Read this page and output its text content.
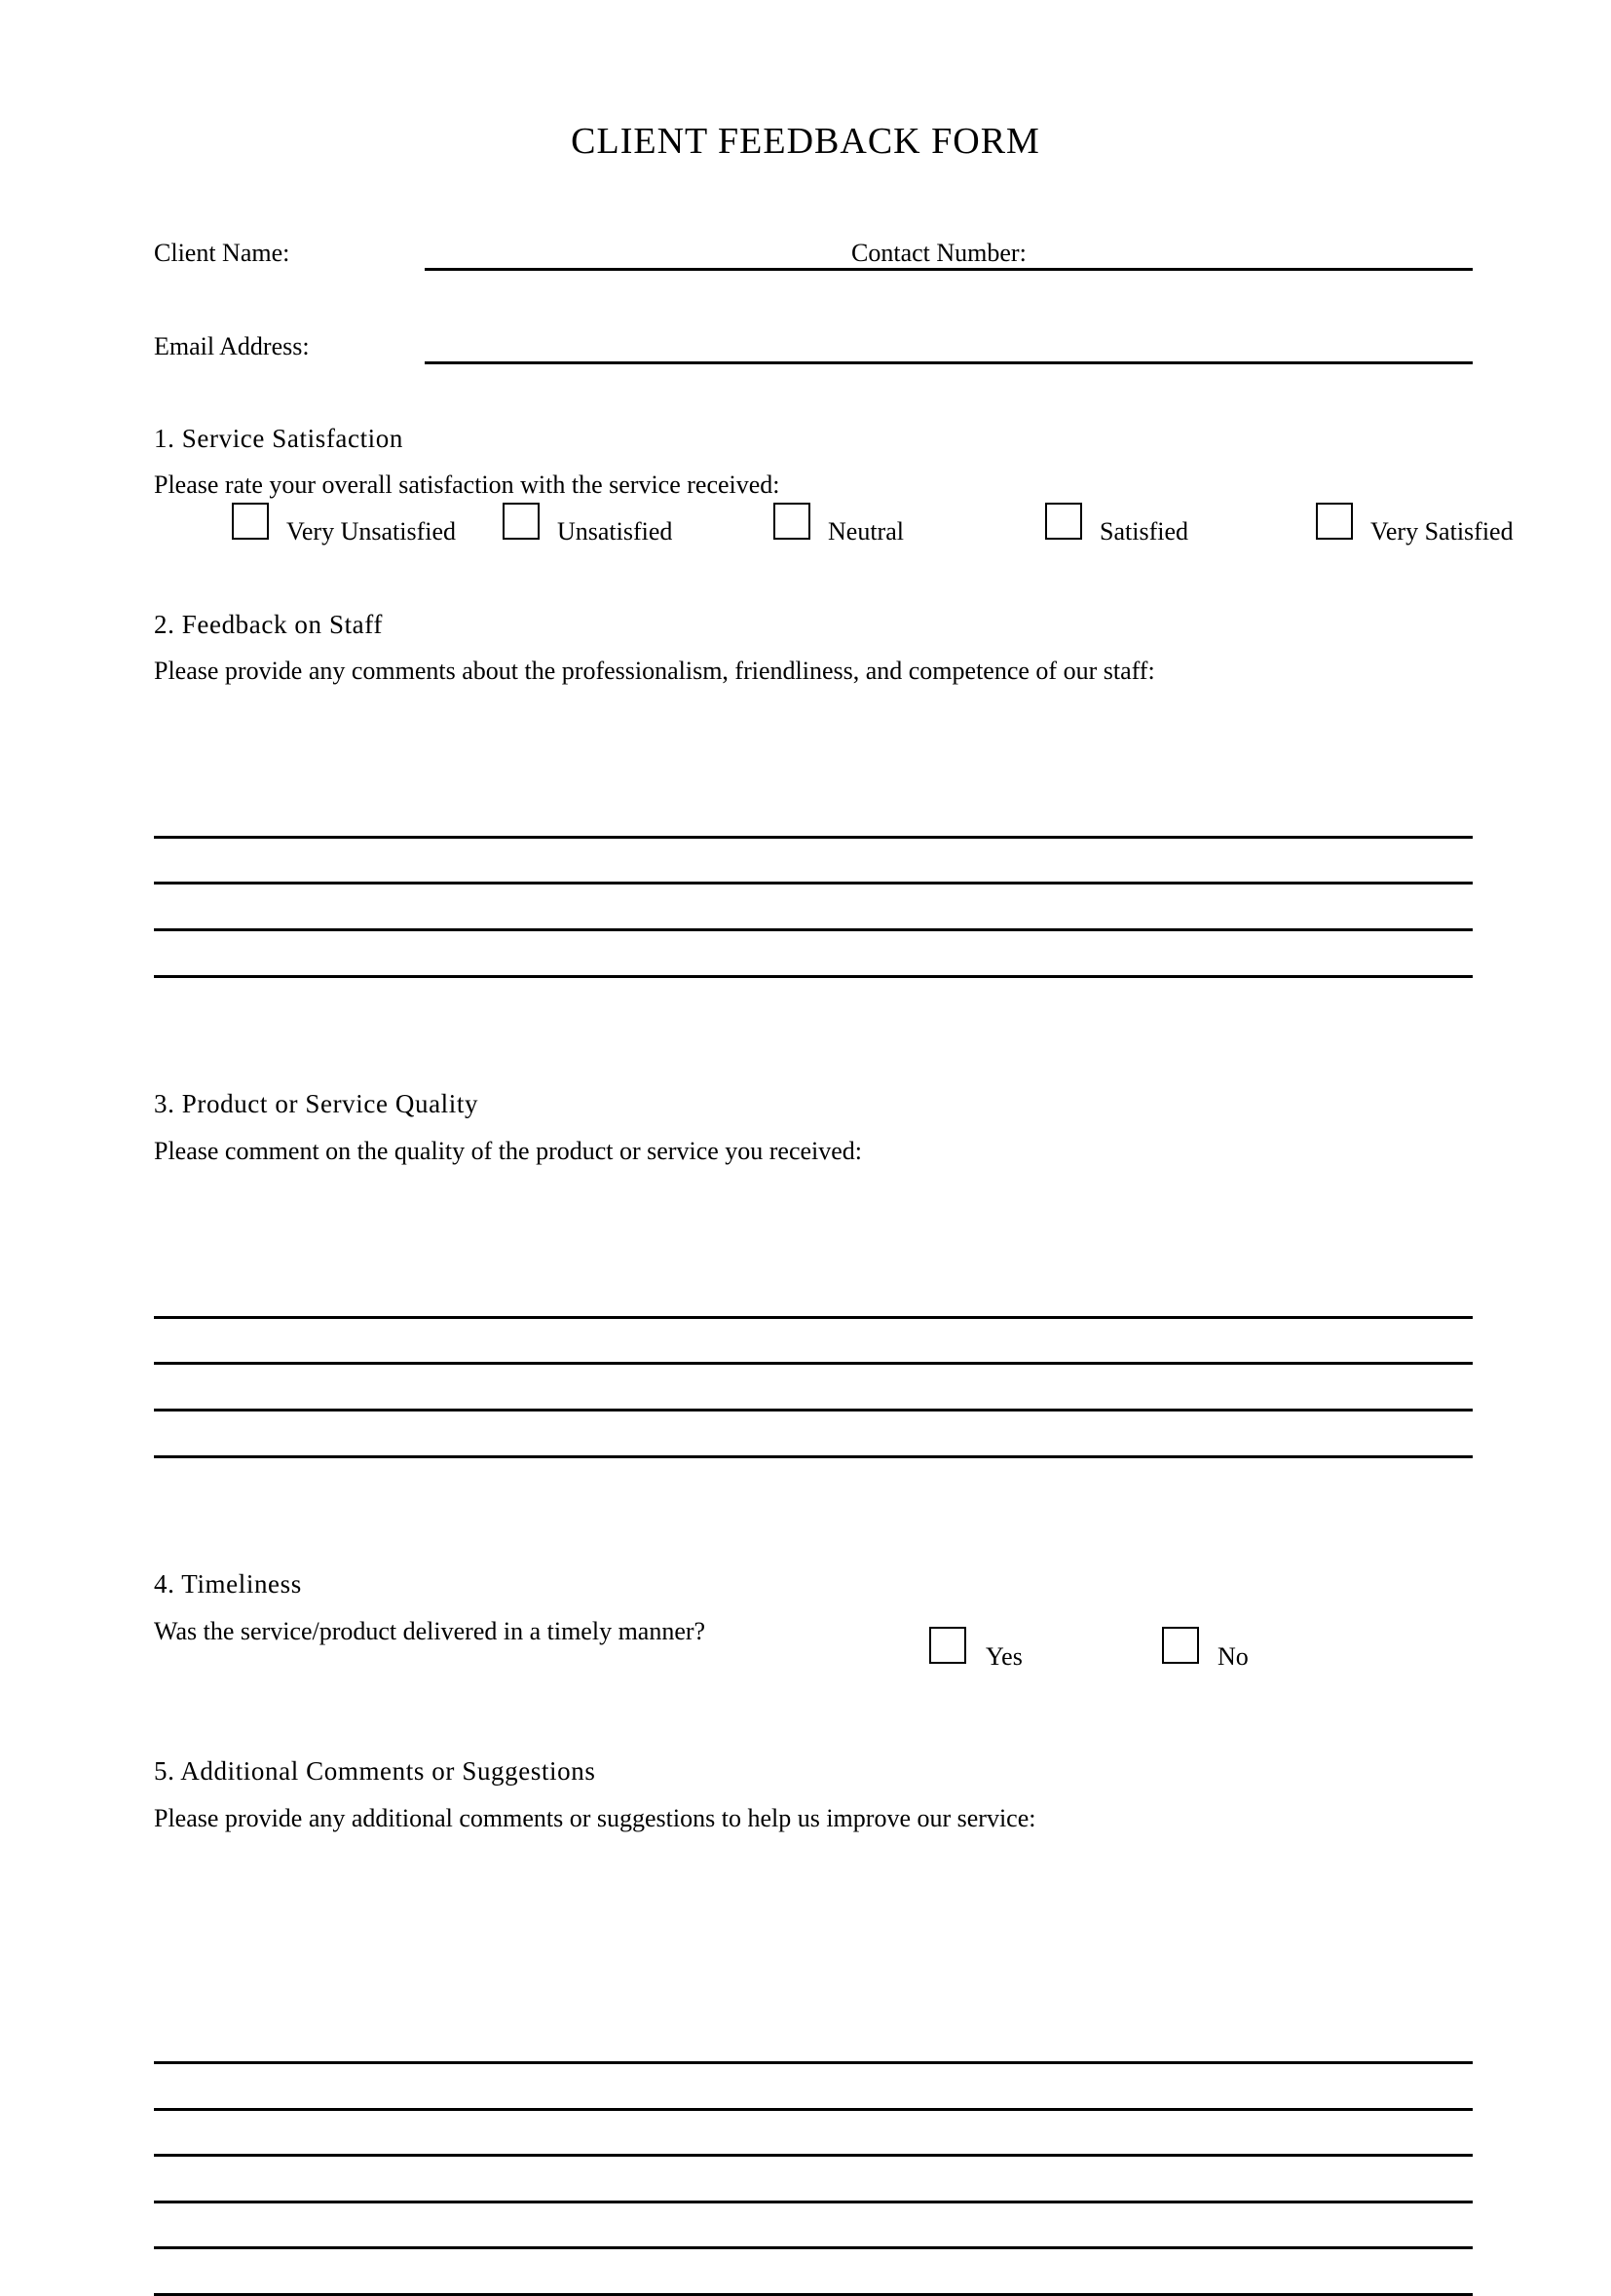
CLIENT FEEDBACK FORM
Client Name:	Contact Number:
Email Address:
1. Service Satisfaction
Please rate your overall satisfaction with the service received:
Very Unsatisfied	Unsatisfied	Neutral	Satisfied	Very Satisfied
2. Feedback on Staff
Please provide any comments about the professionalism, friendliness, and competence of our staff:
3. Product or Service Quality
Please comment on the quality of the product or service you received:
4. Timeliness
Was the service/product delivered in a timely manner?
Yes	No
5. Additional Comments or Suggestions
Please provide any additional comments or suggestions to help us improve our service:
